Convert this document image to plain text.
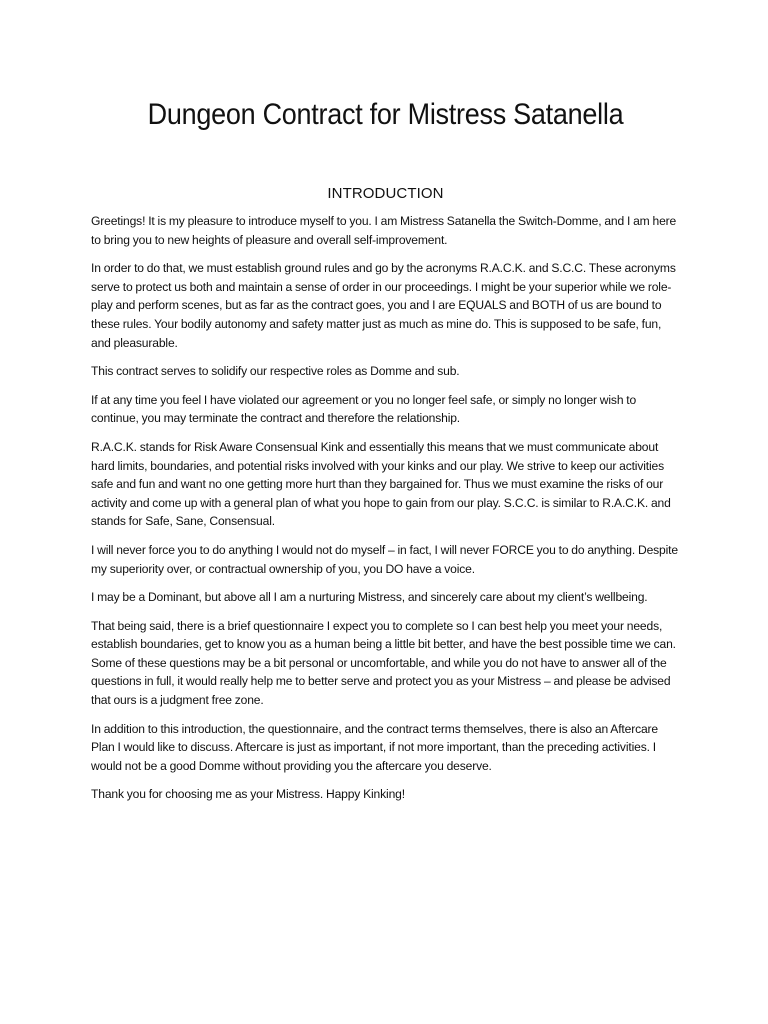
Dungeon Contract for Mistress Satanella
INTRODUCTION

Greetings! It is my pleasure to introduce myself to you. I am Mistress Satanella the Switch-Domme, and I am here to bring you to new heights of pleasure and overall self-improvement.

In order to do that, we must establish ground rules and go by the acronyms R.A.C.K. and S.C.C. These acronyms serve to protect us both and maintain a sense of order in our proceedings. I might be your superior while we role-play and perform scenes, but as far as the contract goes, you and I are EQUALS and BOTH of us are bound to these rules. Your bodily autonomy and safety matter just as much as mine do. This is supposed to be safe, fun, and pleasurable.

This contract serves to solidify our respective roles as Domme and sub.

If at any time you feel I have violated our agreement or you no longer feel safe, or simply no longer wish to continue, you may terminate the contract and therefore the relationship.

R.A.C.K. stands for Risk Aware Consensual Kink and essentially this means that we must communicate about hard limits, boundaries, and potential risks involved with your kinks and our play. We strive to keep our activities safe and fun and want no one getting more hurt than they bargained for. Thus we must examine the risks of our activity and come up with a general plan of what you hope to gain from our play. S.C.C. is similar to R.A.C.K. and stands for Safe, Sane, Consensual.

I will never force you to do anything I would not do myself – in fact, I will never FORCE you to do anything. Despite my superiority over, or contractual ownership of you, you DO have a voice.

I may be a Dominant, but above all I am a nurturing Mistress, and sincerely care about my client’s wellbeing.

That being said, there is a brief questionnaire I expect you to complete so I can best help you meet your needs, establish boundaries, get to know you as a human being a little bit better, and have the best possible time we can. Some of these questions may be a bit personal or uncomfortable, and while you do not have to answer all of the questions in full, it would really help me to better serve and protect you as your Mistress – and please be advised that ours is a judgment free zone.

In addition to this introduction, the questionnaire, and the contract terms themselves, there is also an Aftercare Plan I would like to discuss. Aftercare is just as important, if not more important, than the preceding activities. I would not be a good Domme without providing you the aftercare you deserve.

Thank you for choosing me as your Mistress. Happy Kinking!
